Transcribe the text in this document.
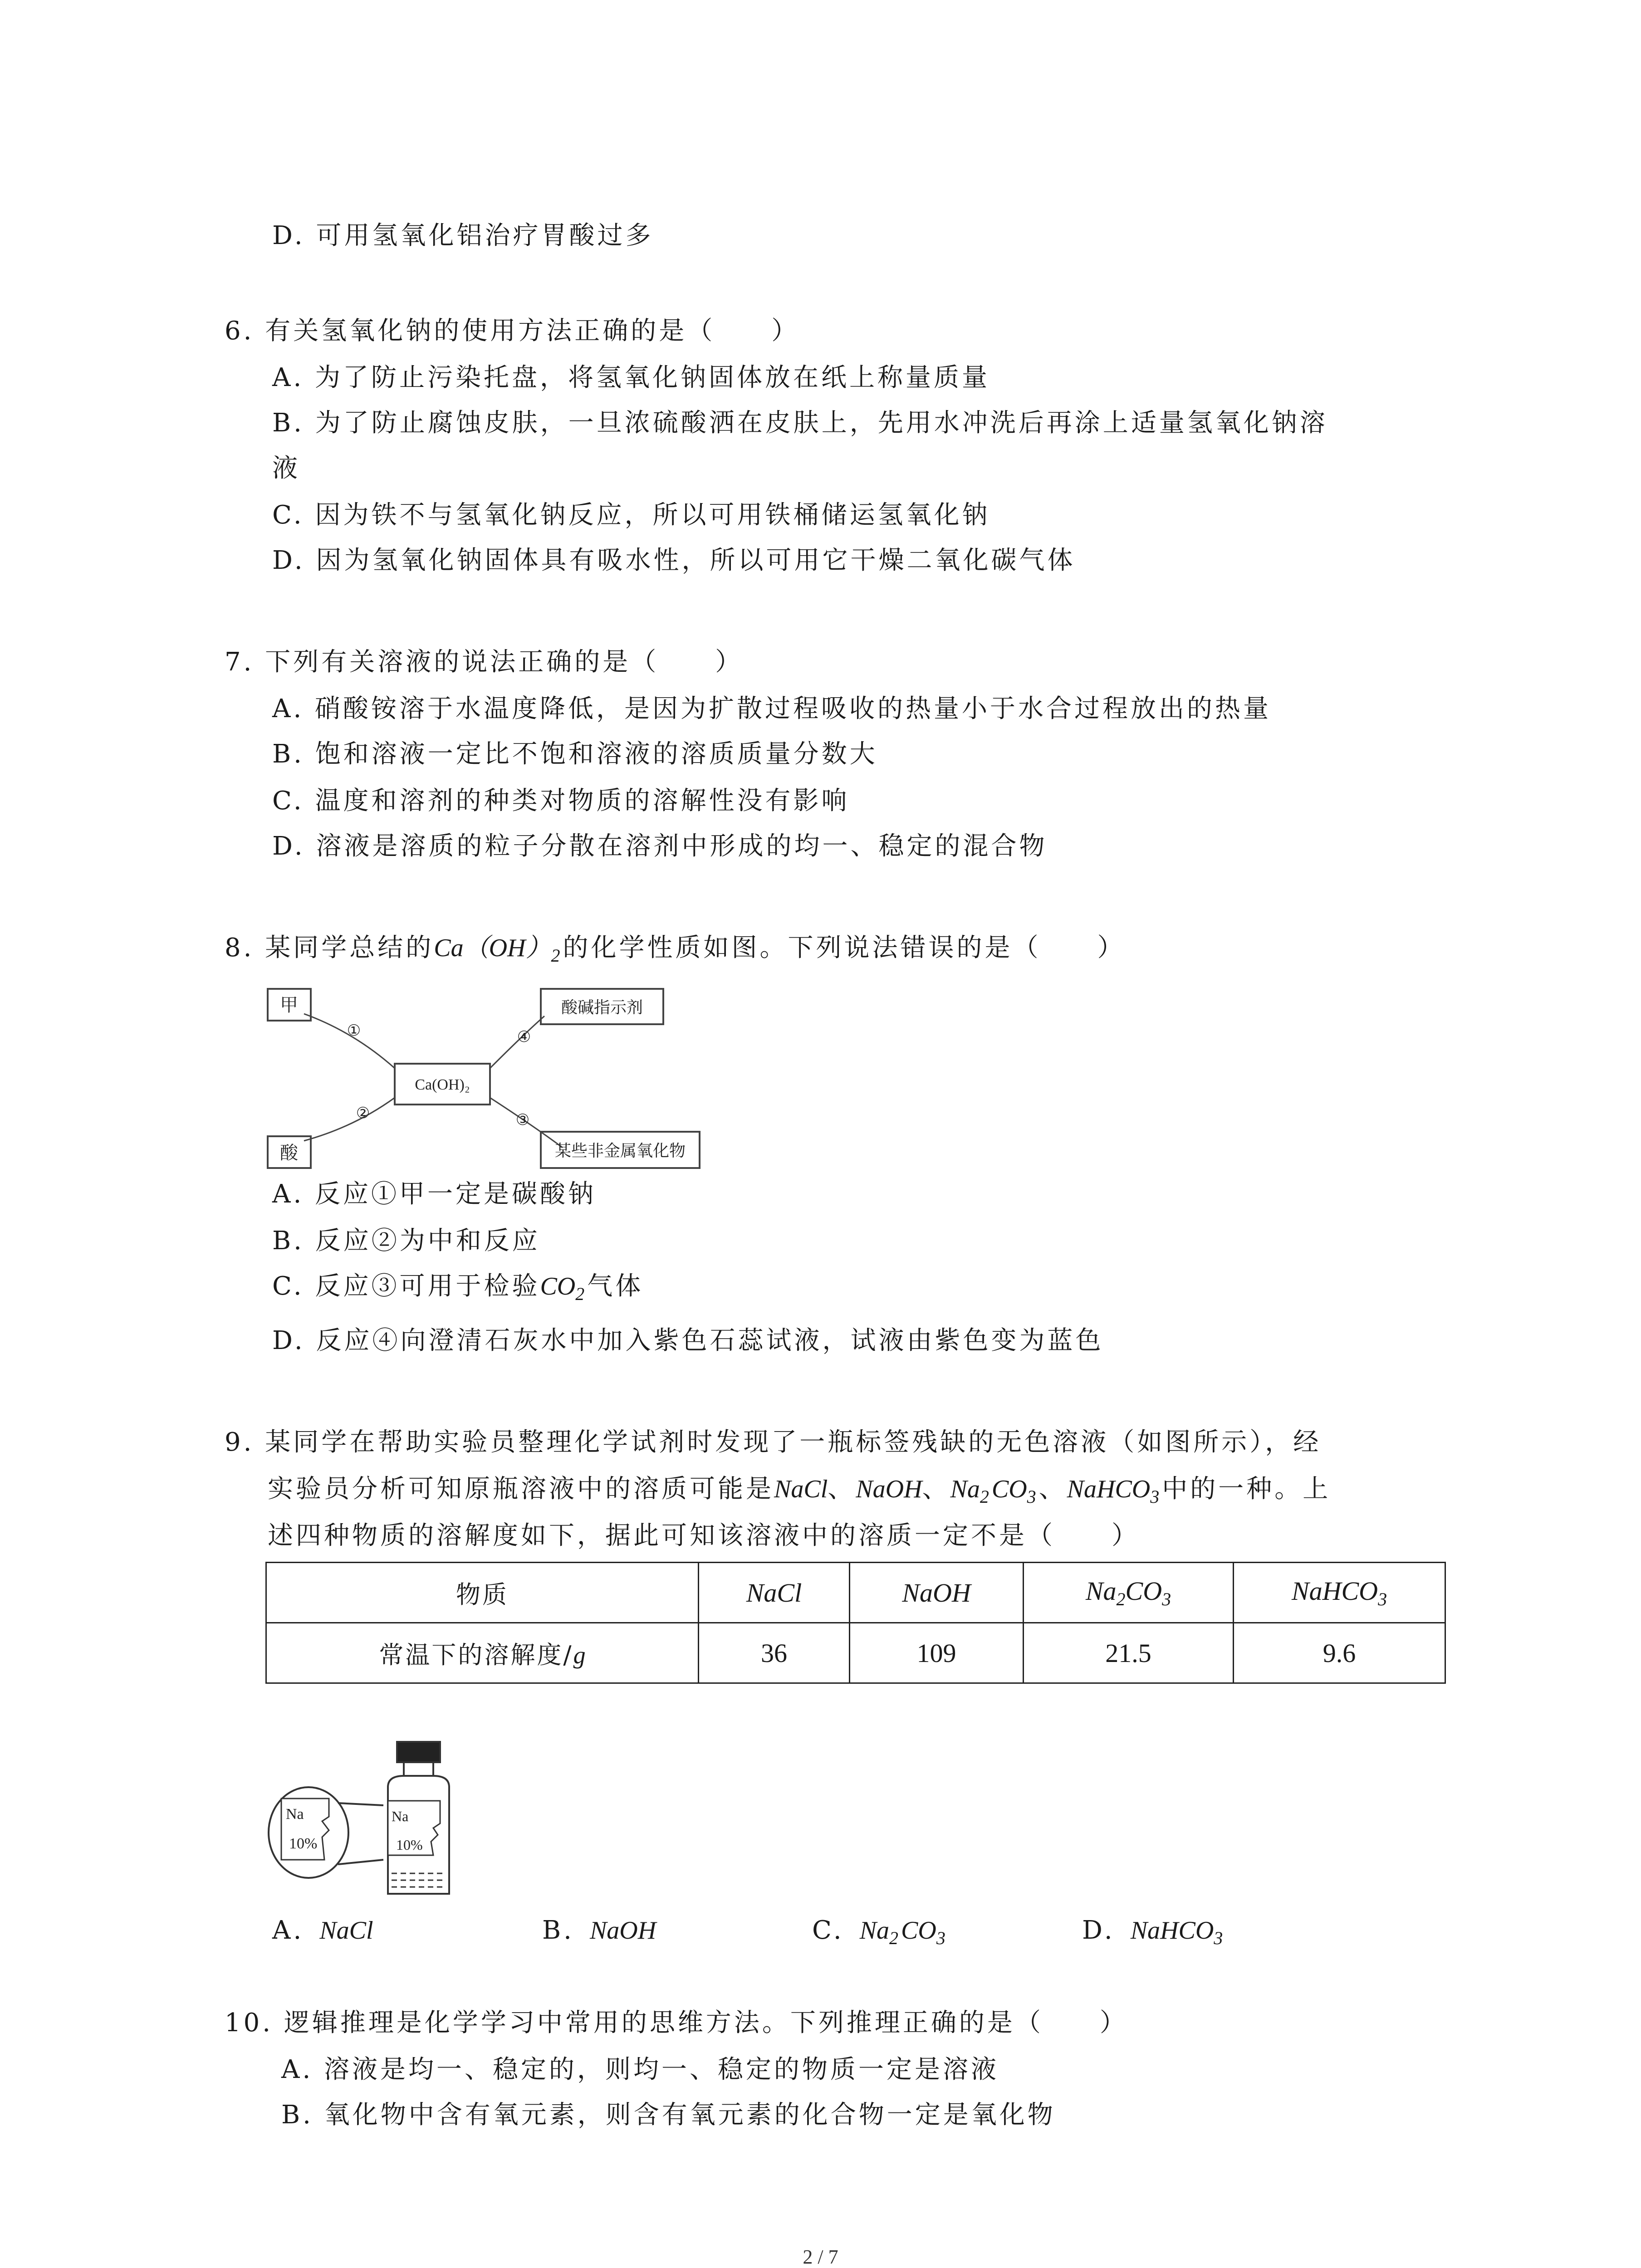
D. 可用氢氧化铝治疗胃酸过多
6. 有关氢氧化钠的使用方法正确的是（　　）
A. 为了防止污染托盘，将氢氧化钠固体放在纸上称量质量
B. 为了防止腐蚀皮肤，一旦浓硫酸洒在皮肤上，先用水冲洗后再涂上适量氢氧化钠溶
液
C. 因为铁不与氢氧化钠反应，所以可用铁桶储运氢氧化钠
D. 因为氢氧化钠固体具有吸水性，所以可用它干燥二氧化碳气体
7. 下列有关溶液的说法正确的是（　　）
A. 硝酸铵溶于水温度降低，是因为扩散过程吸收的热量小于水合过程放出的热量
B. 饱和溶液一定比不饱和溶液的溶质质量分数大
C. 温度和溶剂的种类对物质的溶解性没有影响
D. 溶液是溶质的粒子分散在溶剂中形成的均一、稳定的混合物
8. 某同学总结的$Ca(OH)_2$的化学性质如图。下列说法错误的是（　　）
甲
酸
Ca(OH)₂
酸碱指示剂
某些非金属氧化物
①
②
④
③
A. 反应①甲一定是碳酸钠
B. 反应②为中和反应
C. 反应③可用于检验$CO_2$气体
D. 反应④向澄清石灰水中加入紫色石蕊试液，试液由紫色变为蓝色
9. 某同学在帮助实验员整理化学试剂时发现了一瓶标签残缺的无色溶液（如图所示），经
实验员分析可知原瓶溶液中的溶质可能是NaCl、NaOH、$Na_2CO_3$、NaHCO$_3$中的一种。上
述四种物质的溶解度如下，据此可知该溶液中的溶质一定不是（　　）
物质	NaCl	NaOH	$Na_2CO_3$	NaHCO$_3$
常温下的溶解度/g	36	109	21.5	9.6
Na
10%
Na
10%
A.  NaCl	B.  NaOH	C.  $Na_2CO_3$	D.  NaHCO$_3$
10. 逻辑推理是化学学习中常用的思维方法。下列推理正确的是（　　）
A. 溶液是均一、稳定的，则均一、稳定的物质一定是溶液
B. 氧化物中含有氧元素，则含有氧元素的化合物一定是氧化物
2 / 7
